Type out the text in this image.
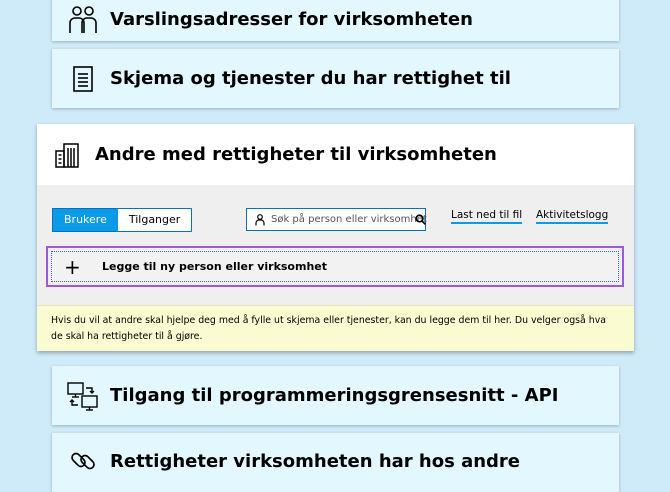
Varslingsadresser for virksomheten
Skjema og tjenester du har rettighet til
Andre med rettigheter til virksomheten
Brukere	Tilganger	Søk på person eller virksomhet Last ned til fil Aktivitetslogg
+	Legge til ny person eller virksomhet
Hvis du vil at andre skal hjelpe deg med å fylle ut skjema eller tjenester, kan du legge dem til her. Du velger også hva de skal ha rettigheter til å gjøre.
Tilgang til programmeringsgrensesnitt - API
Rettigheter virksomheten har hos andre
